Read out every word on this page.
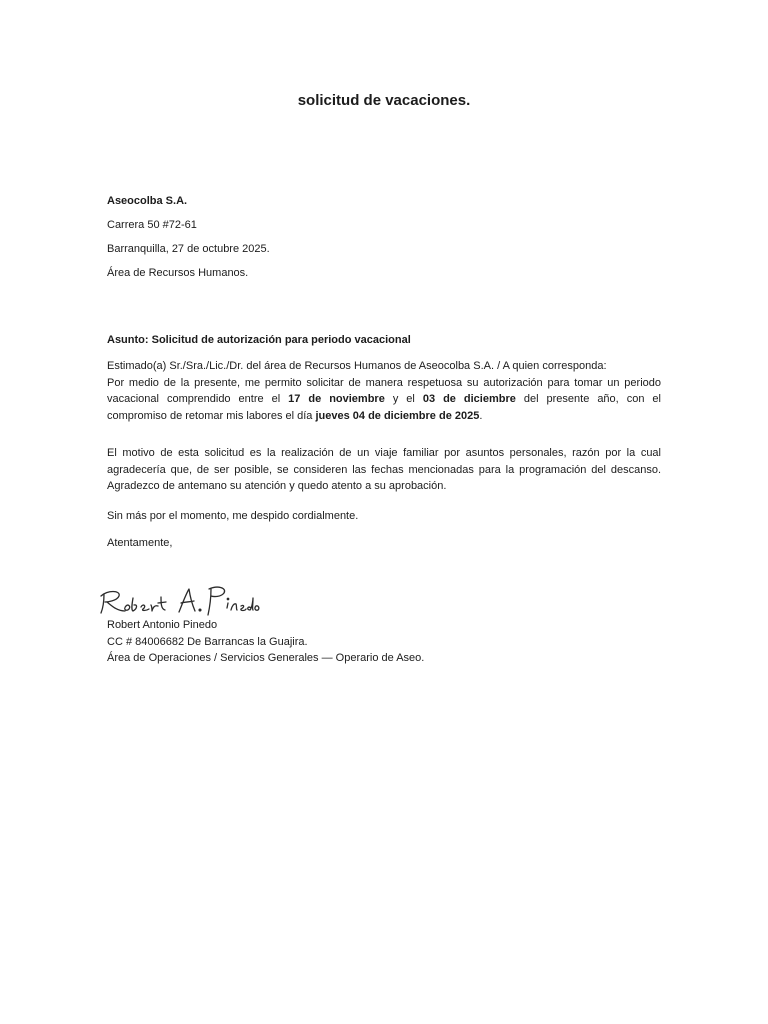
solicitud de vacaciones.
Aseocolba S.A.
Carrera 50 #72-61
Barranquilla, 27 de octubre 2025.
Área de Recursos Humanos.
Asunto: Solicitud de autorización para periodo vacacional
Estimado(a) Sr./Sra./Lic./Dr. del área de Recursos Humanos de Aseocolba S.A. / A quien corresponda:
Por medio de la presente, me permito solicitar de manera respetuosa su autorización para tomar un periodo
vacacional comprendido entre el 17 de noviembre y el 03 de diciembre del presente año, con el
compromiso de retomar mis labores el día jueves 04 de diciembre de 2025.
El motivo de esta solicitud es la realización de un viaje familiar por asuntos personales, razón por la cual
agradecería que, de ser posible, se consideren las fechas mencionadas para la programación del descanso.
Agradezco de antemano su atención y quedo atento a su aprobación.
Sin más por el momento, me despido cordialmente.
Atentamente,
Robert Antonio Pinedo
CC # 84006682 De Barrancas la Guajira.
Área de Operaciones / Servicios Generales — Operario de Aseo.
